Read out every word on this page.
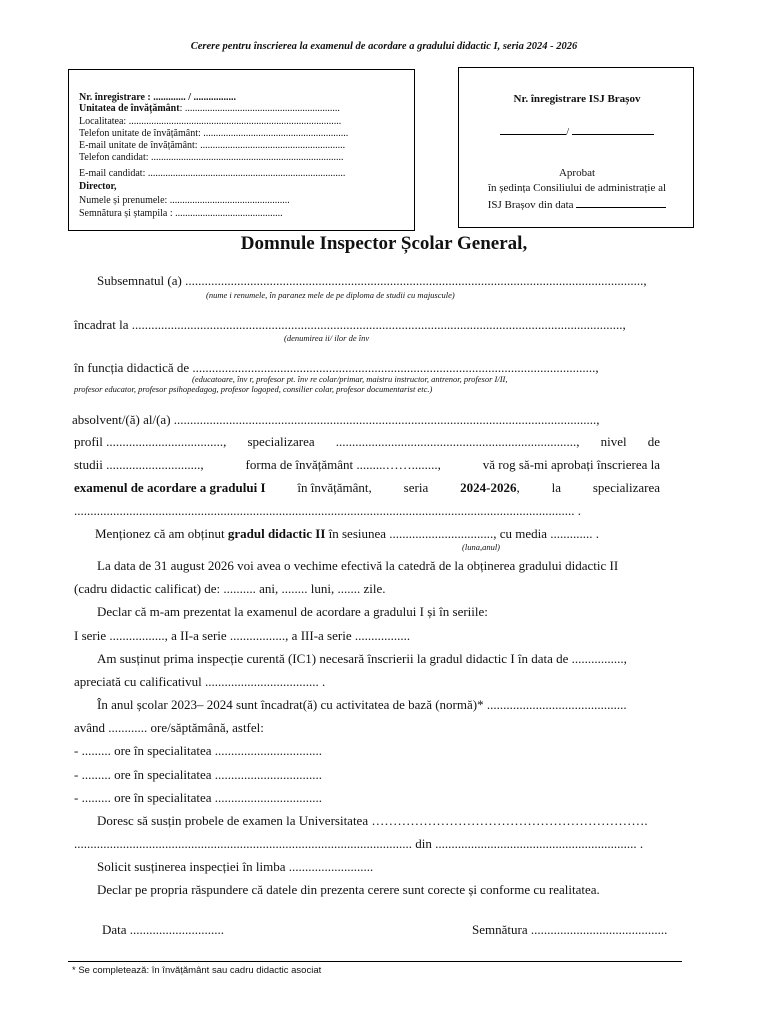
Cerere pentru înscrierea la examenul de acordare a gradului didactic I, seria 2024 - 2026
Nr. înregistrare : ............. / .................
Unitatea de învățământ: ..............................................................
Localitatea: .....................................................................................
Telefon unitate de învățământ: ..........................................................
E-mail unitate de învățământ: ..........................................................
Telefon candidat: .............................................................................
E-mail candidat: ...............................................................................
Director,
Numele și prenumele: ................................................
Semnătura și ștampila : ...........................................
Nr. înregistrare ISJ Brașov
/
Aprobat
în ședința Consiliului de administrație al
ISJ Brașov din data
Domnule Inspector Școlar General,
Subsemnatul (a) .............................................................................................................................................,
(nume i renumele, în paranez mele de pe diploma de studii cu majuscule)
încadrat la .......................................................................................................................................................,
(denumirea ii/ ilor de înv
în funcția didactică de ............................................................................................................................,
(educatoare, înv r, profesor pt. înv re colar/primar, maistru instructor, antrenor, profesor I/II,
profesor educator, profesor psihopedagog, profesor logoped, consilier colar, profesor documentarist etc.)
absolvent/(ă) al/(a) ..................................................................................................................................,
profil ...................................., specializarea .........................................................................., nivel de
studii .............................,	forma de învățământ .........……........,	vă rog să-mi aprobați înscrierea la
examenul de acordare a gradului I în învățământ, seria 2024-2026, la specializarea
.......................................................................................................................................................... .
Menționez că am obținut gradul didactic II în sesiunea ................................, cu media ............. .
(luna,anul)
La data de 31 august 2026 voi avea o vechime efectivă la catedră de la obținerea gradului didactic II
(cadru didactic calificat) de: .......... ani, ........ luni, ....... zile.
Declar că m-am prezentat la examenul de acordare a gradului I și în seriile:
I serie ................., a II-a serie ................., a III-a serie .................
Am susținut prima inspecție curentă (IC1) necesară înscrierii la gradul didactic I în data de ................,
apreciată cu calificativul ................................... .
În anul școlar 2023– 2024 sunt încadrat(ă) cu activitatea de bază (normă)* ...........................................
având ............ ore/săptămână, astfel:
- ......... ore în specialitatea .................................
- ......... ore în specialitatea .................................
- ......... ore în specialitatea .................................
Doresc să susțin probele de examen la Universitatea ……………………………………………………….
........................................................................................................ din .............................................................. .
Solicit susținerea inspecției în limba ..........................
Declar pe propria răspundere că datele din prezenta cerere sunt corecte și conforme cu realitatea.
Data .............................	Semnătura ..........................................
* Se completează: în învățământ sau cadru didactic asociat
